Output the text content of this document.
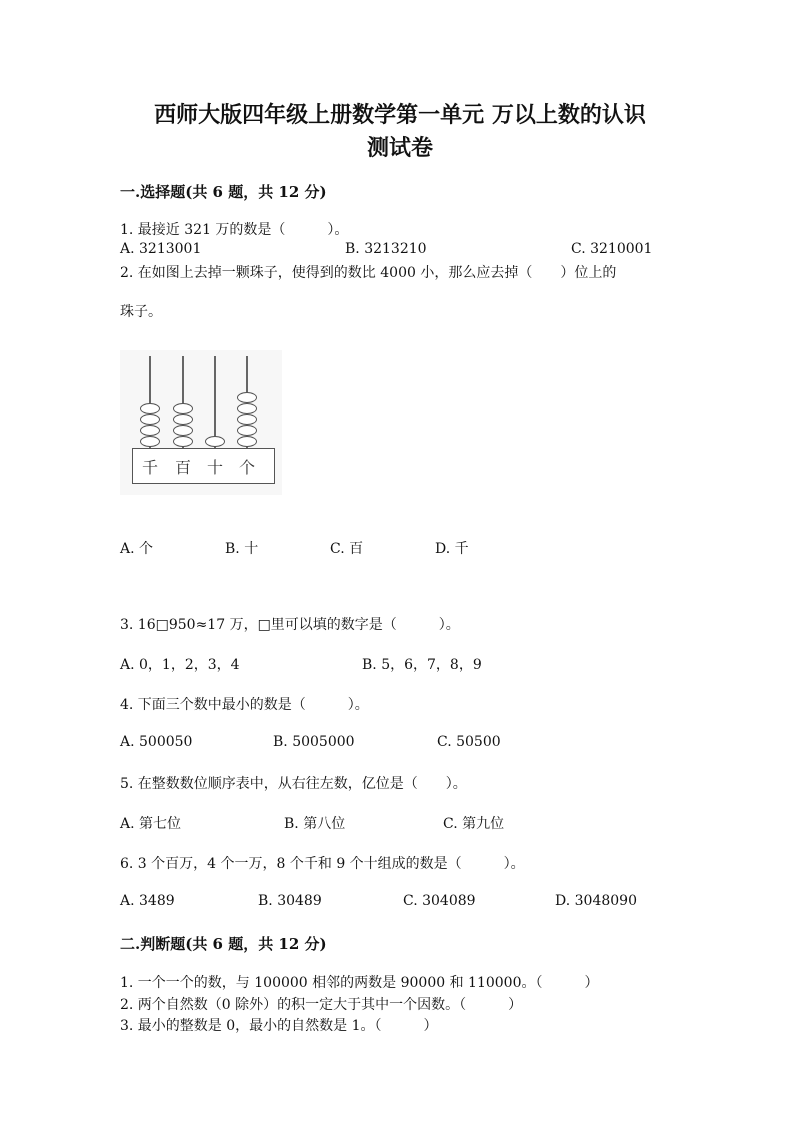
西师大版四年级上册数学第一单元 万以上数的认识
测试卷
一.选择题(共 6 题，共 12 分)
1. 最接近 321 万的数是（　　　）。
A. 3213001	B. 3213210	C. 3210001
2. 在如图上去掉一颗珠子，使得到的数比 4000 小，那么应去掉（　　）位上的
珠子。
千 百 十 个
A. 个	B. 十	C. 百	D. 千
3. 16□950≈17 万，□里可以填的数字是（　　　）。
A. 0，1，2，3，4	B. 5，6，7，8，9
4. 下面三个数中最小的数是（　　　）。
A. 500050	B. 5005000	C. 50500
5. 在整数数位顺序表中，从右往左数，亿位是（　　）。
A. 第七位	B. 第八位	C. 第九位
6. 3 个百万，4 个一万，8 个千和 9 个十组成的数是（　　　）。
A. 3489	B. 30489	C. 304089	D. 3048090
二.判断题(共 6 题，共 12 分)
1. 一个一个的数，与 100000 相邻的两数是 90000 和 110000。（　　　）
2. 两个自然数（0 除外）的积一定大于其中一个因数。（　　　）
3. 最小的整数是 0，最小的自然数是 1。（　　　）
